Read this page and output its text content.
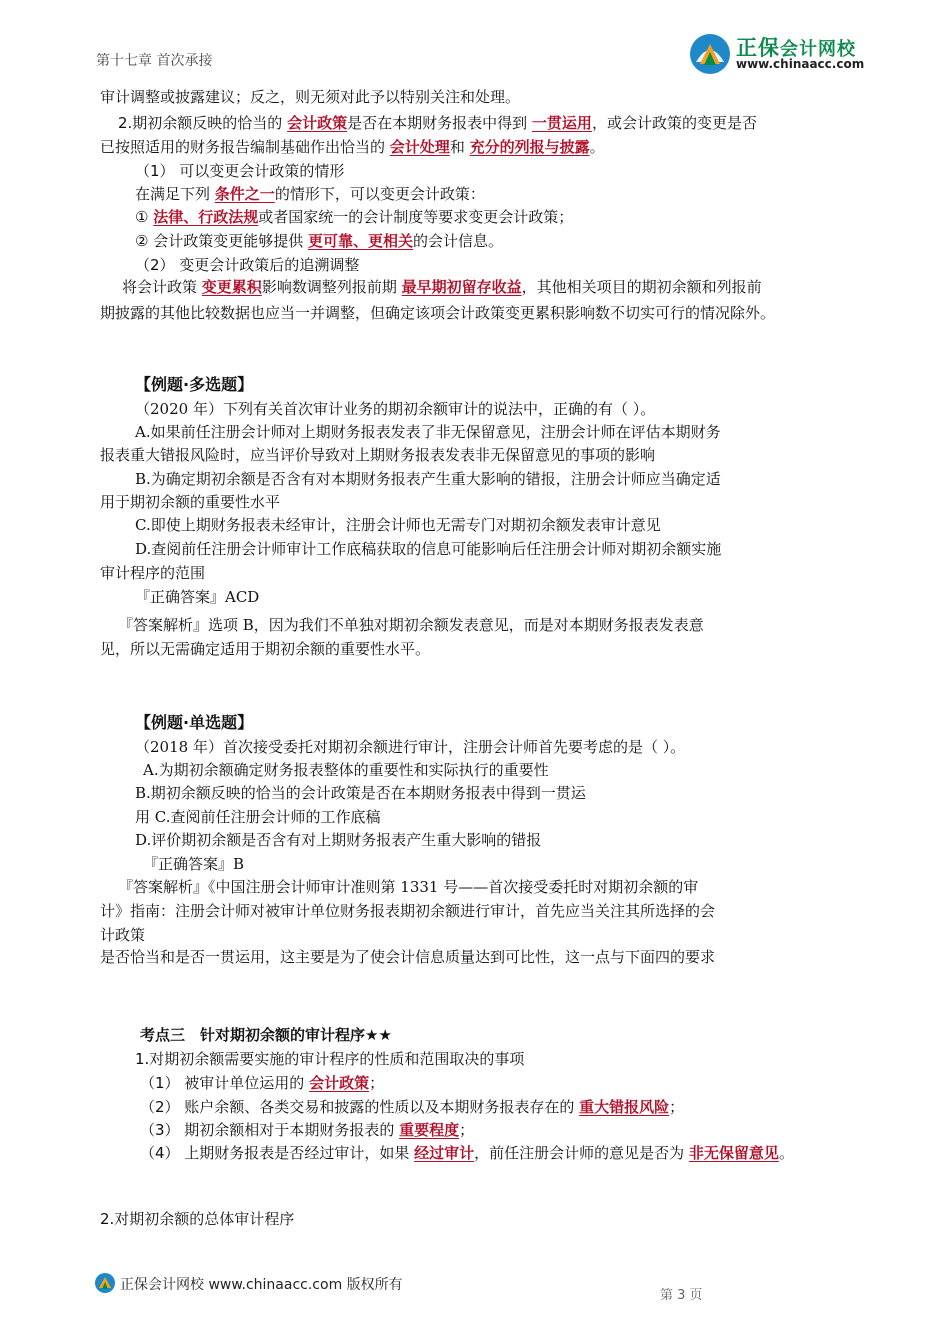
第十七章 首次承接
正保会计网校
www.chinaacc.com
审计调整或披露建议；反之，则无须对此予以特别关注和处理。
2.期初余额反映的恰当的 会计政策是否在本期财务报表中得到 一贯运用，或会计政策的变更是否
已按照适用的财务报告编制基础作出恰当的 会计处理和 充分的列报与披露。
（1） 可以变更会计政策的情形
在满足下列 条件之一的情形下，可以变更会计政策：
① 法律、行政法规或者国家统一的会计制度等要求变更会计政策；
② 会计政策变更能够提供 更可靠、更相关的会计信息。
（2） 变更会计政策后的追溯调整
将会计政策 变更累积影响数调整列报前期 最早期初留存收益，其他相关项目的期初余额和列报前
期披露的其他比较数据也应当一并调整，但确定该项会计政策变更累积影响数不切实可行的情况除外。
【例题·多选题】
（2020 年）下列有关首次审计业务的期初余额审计的说法中，正确的有（ ）。
A.如果前任注册会计师对上期财务报表发表了非无保留意见，注册会计师在评估本期财务
报表重大错报风险时，应当评价导致对上期财务报表发表非无保留意见的事项的影响
B.为确定期初余额是否含有对本期财务报表产生重大影响的错报，注册会计师应当确定适
用于期初余额的重要性水平
C.即使上期财务报表未经审计，注册会计师也无需专门对期初余额发表审计意见
D.查阅前任注册会计师审计工作底稿获取的信息可能影响后任注册会计师对期初余额实施
审计程序的范围
『正确答案』ACD
『答案解析』选项 B，因为我们不单独对期初余额发表意见，而是对本期财务报表发表意
见，所以无需确定适用于期初余额的重要性水平。
【例题·单选题】
（2018 年）首次接受委托对期初余额进行审计，注册会计师首先要考虑的是（ ）。
A.为期初余额确定财务报表整体的重要性和实际执行的重要性
B.期初余额反映的恰当的会计政策是否在本期财务报表中得到一贯运
用 C.查阅前任注册会计师的工作底稿
D.评价期初余额是否含有对上期财务报表产生重大影响的错报
『正确答案』B
『答案解析』《中国注册会计师审计准则第 1331 号——首次接受委托时对期初余额的审
计》指南：注册会计师对被审计单位财务报表期初余额进行审计，首先应当关注其所选择的会
计政策
是否恰当和是否一贯运用，这主要是为了使会计信息质量达到可比性，这一点与下面四的要求
考点三　针对期初余额的审计程序★★
1.对期初余额需要实施的审计程序的性质和范围取决的事项
（1） 被审计单位运用的 会计政策；
（2） 账户余额、各类交易和披露的性质以及本期财务报表存在的 重大错报风险；
（3） 期初余额相对于本期财务报表的 重要程度；
（4） 上期财务报表是否经过审计，如果 经过审计，前任注册会计师的意见是否为 非无保留意见。
2.对期初余额的总体审计程序
正保会计网校 www.chinaacc.com 版权所有
第 3 页
